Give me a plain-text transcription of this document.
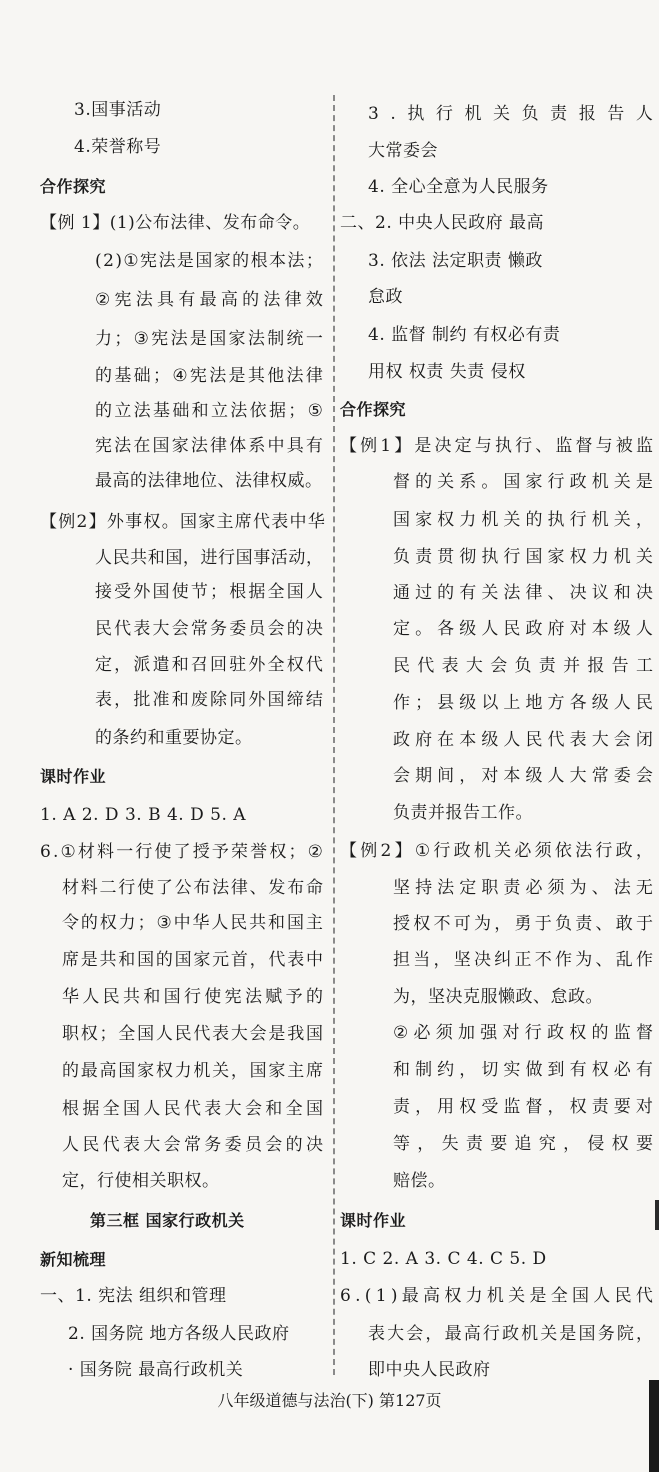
3.国事活动
4.荣誉称号
合作探究
【例 1】(1)公布法律、发布命令。
( 2 ) ① 宪 法 是 国 家 的 根 本 法 ；
② 宪 法 具 有 最 高 的 法 律 效
力 ； ③ 宪 法 是 国 家 法 制 统 一
的 基 础 ； ④ 宪 法 是 其 他 法 律
的 立 法 基 础 和 立 法 依 据 ； ⑤
宪 法 在 国 家 法 律 体 系 中 具 有
最高的法律地位、法律权威。
【 例 2 】 外 事 权 。 国 家 主 席 代 表 中 华
人 民 共 和 国 ， 进 行 国 事 活 动 ，
接 受 外 国 使 节 ； 根 据 全 国 人
民 代 表 大 会 常 务 委 员 会 的 决
定 ， 派 遣 和 召 回 驻 外 全 权 代
表 ， 批 准 和 废 除 同 外 国 缔 结
的条约和重要协定。
课时作业
1. A 2. D 3. B 4. D 5. A
6 . ① 材 料 一 行 使 了 授 予 荣 誉 权 ； ②
材 料 二 行 使 了 公 布 法 律 、 发 布 命
令 的 权 力 ； ③ 中 华 人 民 共 和 国 主
席 是 共 和 国 的 国 家 元 首 ， 代 表 中
华 人 民 共 和 国 行 使 宪 法 赋 予 的
职 权 ； 全 国 人 民 代 表 大 会 是 我 国
的 最 高 国 家 权 力 机 关 ， 国 家 主 席
根 据 全 国 人 民 代 表 大 会 和 全 国
人 民 代 表 大 会 常 务 委 员 会 的 决
定，行使相关职权。
第三框 国家行政机关
新知梳理
一、1. 宪法 组织和管理
2. 国务院 地方各级人民政府
· 国务院 最高行政机关
3 . 执 行 机 关 负 责 报 告 人
大常委会
4. 全心全意为人民服务
二、2. 中央人民政府 最高
3. 依法 法定职责 懒政
怠政
4. 监督 制约 有权必有责
用权 权责 失责 侵权
合作探究
【 例 1 】 是 决 定 与 执 行 、 监 督 与 被 监
督 的 关 系 。 国 家 行 政 机 关 是
国 家 权 力 机 关 的 执 行 机 关 ，
负 责 贯 彻 执 行 国 家 权 力 机 关
通 过 的 有 关 法 律 、 决 议 和 决
定 。 各 级 人 民 政 府 对 本 级 人
民 代 表 大 会 负 责 并 报 告 工
作 ； 县 级 以 上 地 方 各 级 人 民
政 府 在 本 级 人 民 代 表 大 会 闭
会 期 间 ， 对 本 级 人 大 常 委 会
负责并报告工作。
【 例 2 】 ① 行 政 机 关 必 须 依 法 行 政 ，
坚 持 法 定 职 责 必 须 为 、 法 无
授 权 不 可 为 ， 勇 于 负 责 、 敢 于
担 当 ， 坚 决 纠 正 不 作 为 、 乱 作
为，坚决克服懒政、怠政。
② 必 须 加 强 对 行 政 权 的 监 督
和 制 约 ， 切 实 做 到 有 权 必 有
责 ， 用 权 受 监 督 ， 权 责 要 对
等 ， 失 责 要 追 究 ， 侵 权 要
赔偿。
课时作业
1. C 2. A 3. C 4. C 5. D
6 . ( 1 ) 最 高 权 力 机 关 是 全 国 人 民 代
表 大 会 ， 最 高 行 政 机 关 是 国 务 院 ，
即中央人民政府
八年级道德与法治(下) 第127页
